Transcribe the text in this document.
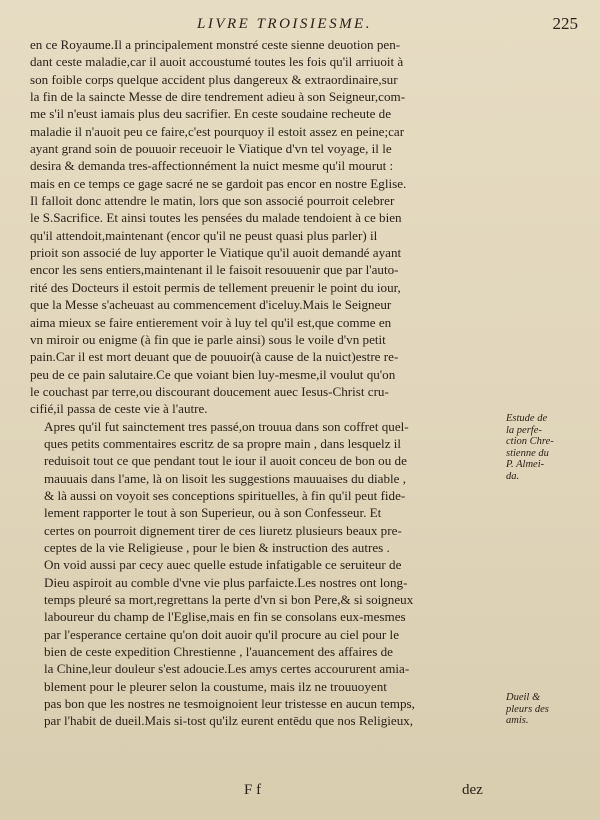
LIVRE TROISIESME.	225

en ce Royaume.Il a principalement monstré ceste sienne deuotion pen-
dant ceste maladie,car il auoit accoustumé toutes les fois qu'il arriuoit à
son foible corps quelque accident plus dangereux & extraordinaire,sur
la fin de la saincte Messe de dire tendrement adieu à son Seigneur,com-
me s'il n'eust iamais plus deu sacrifier. En ceste soudaine recheute de
maladie il n'auoit peu ce faire,c'est pourquoy il estoit assez en peine;car
ayant grand soin de pouuoir receuoir le Viatique d'vn tel voyage, il le
desira & demanda tres-affectionnément la nuict mesme qu'il mourut :
mais en ce temps ce gage sacré ne se gardoit pas encor en nostre Eglise.
Il falloit donc attendre le matin, lors que son associé pourroit celebrer
le S.Sacrifice. Et ainsi toutes les pensées du malade tendoient à ce bien
qu'il attendoit,maintenant (encor qu'il ne peust quasi plus parler) il
prioit son associé de luy apporter le Viatique qu'il auoit demandé ayant
encor les sens entiers,maintenant il le faisoit resouuenir que par l'auto-
rité des Docteurs il estoit permis de tellement preuenir le point du iour,
que la Messe s'acheuast au commencement d'iceluy.Mais le Seigneur
aima mieux se faire entierement voir à luy tel qu'il est,que comme en
vn miroir ou enigme (à fin que ie parle ainsi) sous le voile d'vn petit
pain.Car il est mort deuant que de pouuoir(à cause de la nuict)estre re-
peu de ce pain salutaire.Ce que voiant bien luy-mesme,il voulut qu'on
le couchast par terre,ou discourant doucement auec Iesus-Christ cru-
cifié,il passa de ceste vie à l'autre.

Apres qu'il fut sainctement tres passé,on trouua dans son coffret quel-
ques petits commentaires escritz de sa propre main , dans lesquelz il
reduisoit tout ce que pendant tout le iour il auoit conceu de bon ou de
mauuais dans l'ame, là on lisoit les suggestions mauuaises du diable ,
& là aussi on voyoit ses conceptions spirituelles, à fin qu'il peut fide-
lement rapporter le tout à son Superieur, ou à son Confesseur. Et
certes on pourroit dignement tirer de ces liuretz plusieurs beaux pre-
ceptes de la vie Religieuse , pour le bien & instruction des autres .
On void aussi par cecy auec quelle estude infatigable ce seruiteur de
Dieu aspiroit au comble d'vne vie plus parfaicte.Les nostres ont long-
temps pleuré sa mort,regrettans la perte d'vn si bon Pere,& si soigneux
laboureur du champ de l'Eglise,mais en fin se consolans eux-mesmes
par l'esperance certaine qu'on doit auoir qu'il procure au ciel pour le
bien de ceste expedition Chrestienne , l'auancement des affaires de
la Chine,leur douleur s'est adoucie.Les amys certes accoururent amia-
blement pour le pleurer selon la coustume, mais ilz ne trouuoyent
pas bon que les nostres ne tesmoignoient leur tristesse en aucun temps,
par l'habit de dueil.Mais si-tost qu'ilz eurent entēdu que nos Religieux,

Estude de
la perfe-
ction Chre-
stienne du
P. Almei-
da.
Dueil &
pleurs des
amis.
F f	dez
